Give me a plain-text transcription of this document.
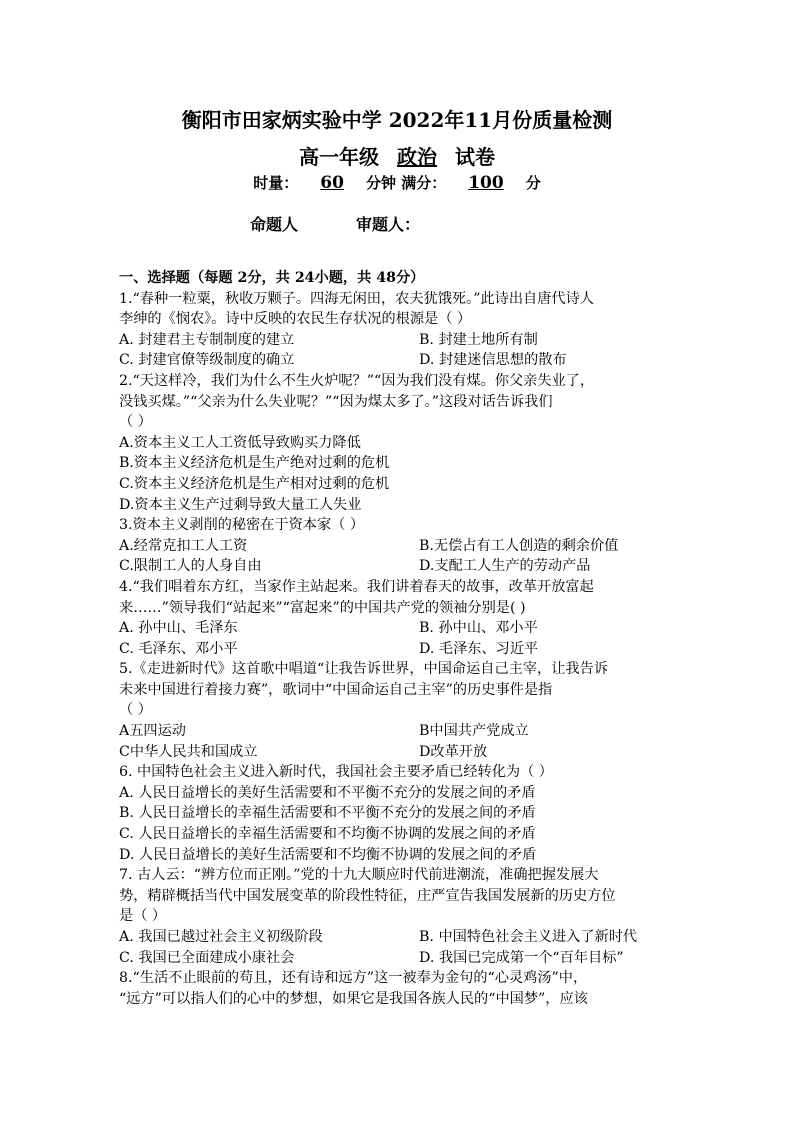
衡阳市田家炳实验中学 2022年11月份质量检测
高一年级 政治 试卷
时量： 60 分钟 满分： 100 分
命题人	审题人：
一、选择题（每题 2分，共 24小题，共 48分）
1.“春种一粒粟，秋收万颗子。四海无闲田，农夫犹饿死。”此诗出自唐代诗人
李绅的《悯农》。诗中反映的农民生存状况的根源是（ ）
A. 封建君主专制制度的建立	B. 封建土地所有制
C. 封建官僚等级制度的确立	D. 封建迷信思想的散布
2.“天这样冷，我们为什么不生火炉呢？”“因为我们没有煤。你父亲失业了，
没钱买煤。”“父亲为什么失业呢？”“因为煤太多了。”这段对话告诉我们
（ ）
A.资本主义工人工资低导致购买力降低
B.资本主义经济危机是生产绝对过剩的危机
C.资本主义经济危机是生产相对过剩的危机
D.资本主义生产过剩导致大量工人失业
3.资本主义剥削的秘密在于资本家（ ）
A.经常克扣工人工资	B.无偿占有工人创造的剩余价值
C.限制工人的人身自由	D.支配工人生产的劳动产品
4.“我们唱着东方红，当家作主站起来。我们讲着春天的故事，改革开放富起
来……”领导我们“站起来”“富起来”的中国共产党的领袖分别是( )
A. 孙中山、毛泽东	B. 孙中山、邓小平
C. 毛泽东、邓小平	D. 毛泽东、习近平
5.《走进新时代》这首歌中唱道“让我告诉世界，中国命运自己主宰，让我告诉
未来中国进行着接力赛”，歌词中“中国命运自己主宰”的历史事件是指
（ ）
A五四运动	B中国共产党成立
C中华人民共和国成立	D改革开放
6. 中国特色社会主义进入新时代，我国社会主要矛盾已经转化为（ ）
A. 人民日益增长的美好生活需要和不平衡不充分的发展之间的矛盾
B. 人民日益增长的幸福生活需要和不平衡不充分的发展之间的矛盾
C. 人民日益增长的幸福生活需要和不均衡不协调的发展之间的矛盾
D. 人民日益增长的美好生活需要和不均衡不协调的发展之间的矛盾
7. 古人云：“辨方位而正刚。”党的十九大顺应时代前进潮流，准确把握发展大
势，精辟概括当代中国发展变革的阶段性特征，庄严宣告我国发展新的历史方位
是（ ）
A. 我国已越过社会主义初级阶段	B. 中国特色社会主义进入了新时代
C. 我国已全面建成小康社会	D. 我国已完成第一个“百年目标”
8.“生活不止眼前的苟且，还有诗和远方”这一被奉为金句的“心灵鸡汤”中，
“远方”可以指人们的心中的梦想，如果它是我国各族人民的“中国梦”，应该
